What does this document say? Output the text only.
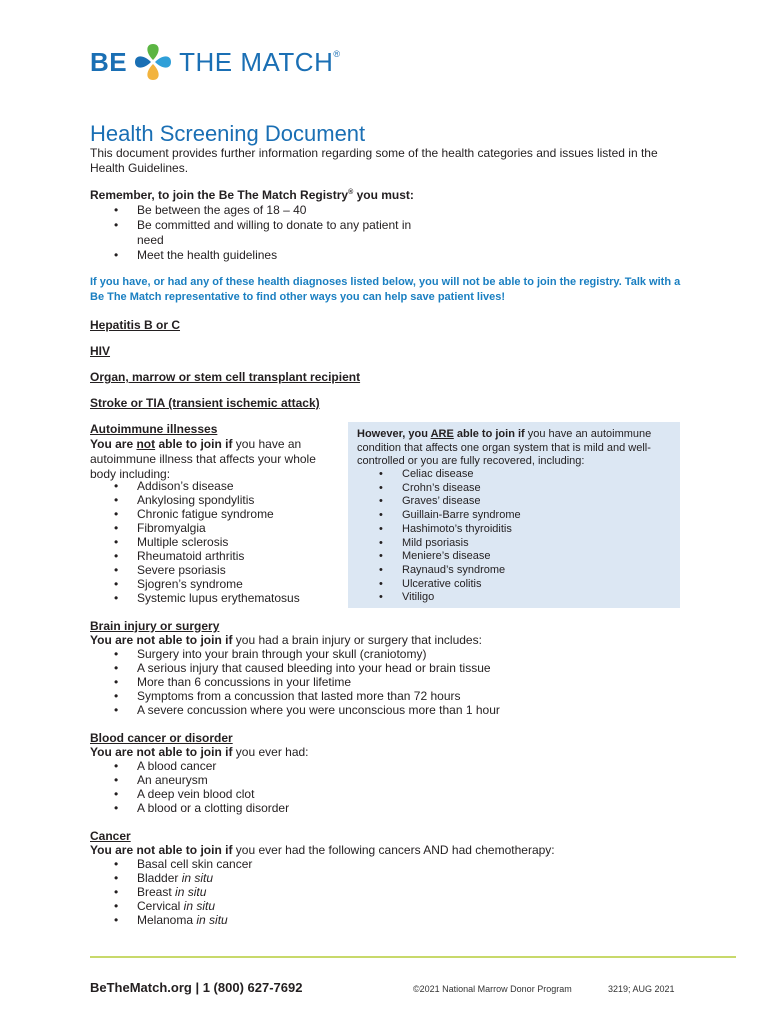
BE THE MATCH ®
Health Screening Document
This document provides further information regarding some of the health categories and issues listed in the Health Guidelines.
Remember, to join the Be The Match Registry® you must:
• Be between the ages of 18 – 40
• Be committed and willing to donate to any patient in need
• Meet the health guidelines
If you have, or had any of these health diagnoses listed below, you will not be able to join the registry. Talk with a Be The Match representative to find other ways you can help save patient lives!
Hepatitis B or C
HIV
Organ, marrow or stem cell transplant recipient
Stroke or TIA (transient ischemic attack)
Autoimmune illnesses
You are not able to join if you have an autoimmune illness that affects your whole body including:
• Addison’s disease
• Ankylosing spondylitis
• Chronic fatigue syndrome
• Fibromyalgia
• Multiple sclerosis
• Rheumatoid arthritis
• Severe psoriasis
• Sjogren’s syndrome
• Systemic lupus erythematosus
However, you ARE able to join if you have an autoimmune condition that affects one organ system that is mild and well-controlled or you are fully recovered, including:
• Celiac disease
• Crohn’s disease
• Graves’ disease
• Guillain-Barre syndrome
• Hashimoto’s thyroiditis
• Mild psoriasis
• Meniere’s disease
• Raynaud’s syndrome
• Ulcerative colitis
• Vitiligo
Brain injury or surgery
You are not able to join if you had a brain injury or surgery that includes:
• Surgery into your brain through your skull (craniotomy)
• A serious injury that caused bleeding into your head or brain tissue
• More than 6 concussions in your lifetime
• Symptoms from a concussion that lasted more than 72 hours
• A severe concussion where you were unconscious more than 1 hour
Blood cancer or disorder
You are not able to join if you ever had:
• A blood cancer
• An aneurysm
• A deep vein blood clot
• A blood or a clotting disorder
Cancer
You are not able to join if you ever had the following cancers AND had chemotherapy:
• Basal cell skin cancer
• Bladder in situ
• Breast in situ
• Cervical in situ
• Melanoma in situ
BeTheMatch.org | 1 (800) 627-7692	©2021 National Marrow Donor Program	3219; AUG 2021
